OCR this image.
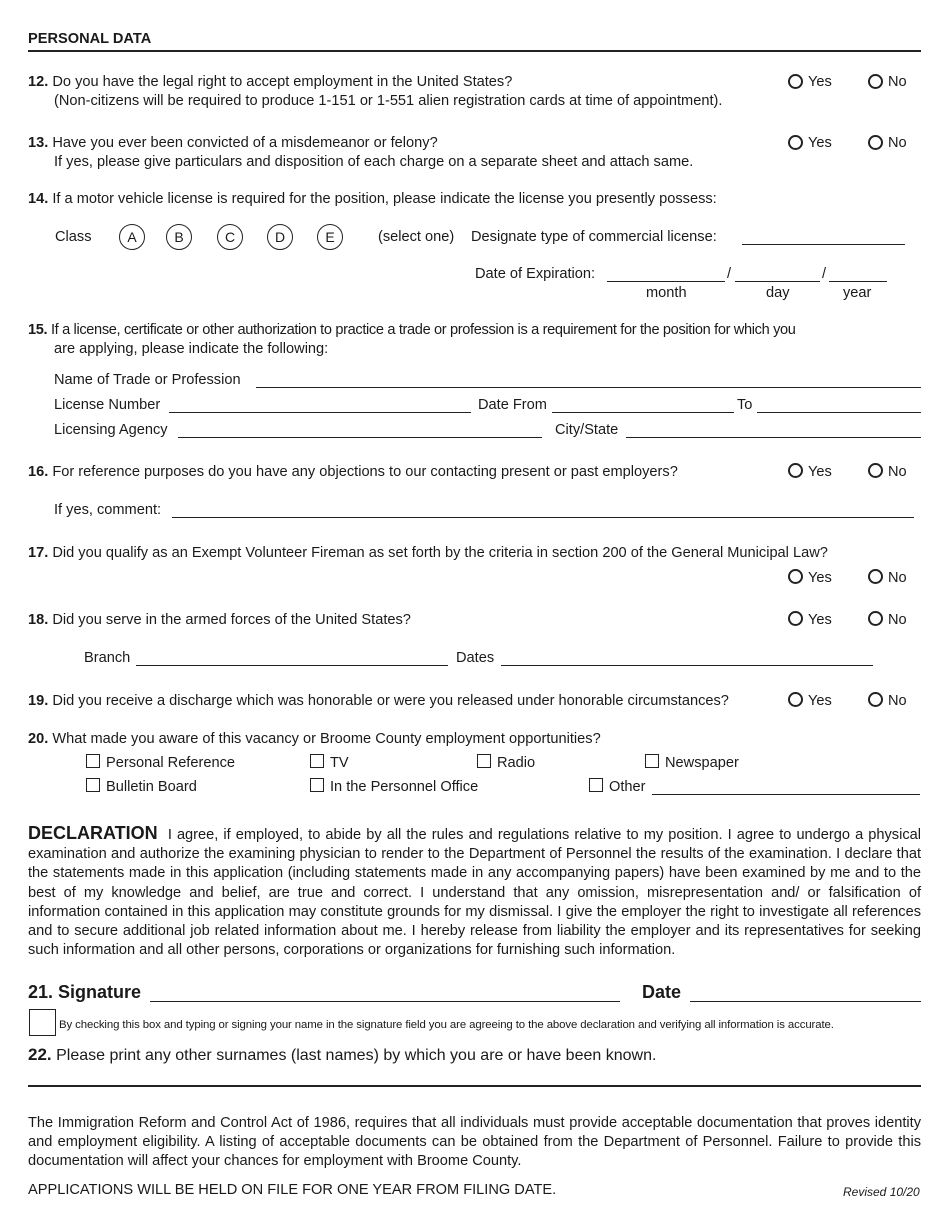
PERSONAL DATA
12. Do you have the legal right to accept employment in the United States?
(Non-citizens will be required to produce 1-151 or 1-551 alien registration cards at time of appointment).
Yes	No
13. Have you ever been convicted of a misdemeanor or felony?
If yes, please give particulars and disposition of each charge on a separate sheet and attach same.
Yes	No
14. If a motor vehicle license is required for the position, please indicate the license you presently possess:
Class	A	B	C	D	E	(select one) Designate type of commercial license:
Date of Expiration:	/	/
month	day	year
15. If a license, certificate or other authorization to practice a trade or profession is a requirement for the position for which you
are applying, please indicate the following:
Name of Trade or Profession
License Number	Date From	To
Licensing Agency	City/State
16. For reference purposes do you have any objections to our contacting present or past employers?	Yes	No
If yes, comment:
17. Did you qualify as an Exempt Volunteer Fireman as set forth by the criteria in section 200 of the General Municipal Law?
Yes	No
18. Did you serve in the armed forces of the United States?	Yes	No
Branch	Dates
19. Did you receive a discharge which was honorable or were you released under honorable circumstances?	Yes	No
20. What made you aware of this vacancy or Broome County employment opportunities?
Personal Reference	TV	Radio	Newspaper
Bulletin Board	In the Personnel Office	Other
DECLARATION I agree, if employed, to abide by all the rules and regulations relative to my position. I agree to undergo a physical examination and authorize the examining physician to render to the Department of Personnel the results of the examination. I declare that the statements made in this application (including statements made in any accompanying papers) have been examined by me and to the best of my knowledge and belief, are true and correct. I understand that any omission, misrepresentation and/ or falsification of information contained in this application may constitute grounds for my dismissal. I give the employer the right to investigate all references and to secure additional job related information about me. I hereby release from liability the employer and its representatives for seeking such information and all other persons, corporations or organizations for furnishing such information.
21. Signature	Date
By checking this box and typing or signing your name in the signature field you are agreeing to the above declaration and verifying all information is accurate.
22. Please print any other surnames (last names) by which you are or have been known.
The Immigration Reform and Control Act of 1986, requires that all individuals must provide acceptable documentation that proves identity and employment eligibility. A listing of acceptable documents can be obtained from the Department of Personnel. Failure to provide this documentation will affect your chances for employment with Broome County.
APPLICATIONS WILL BE HELD ON FILE FOR ONE YEAR FROM FILING DATE.	Revised 10/20
